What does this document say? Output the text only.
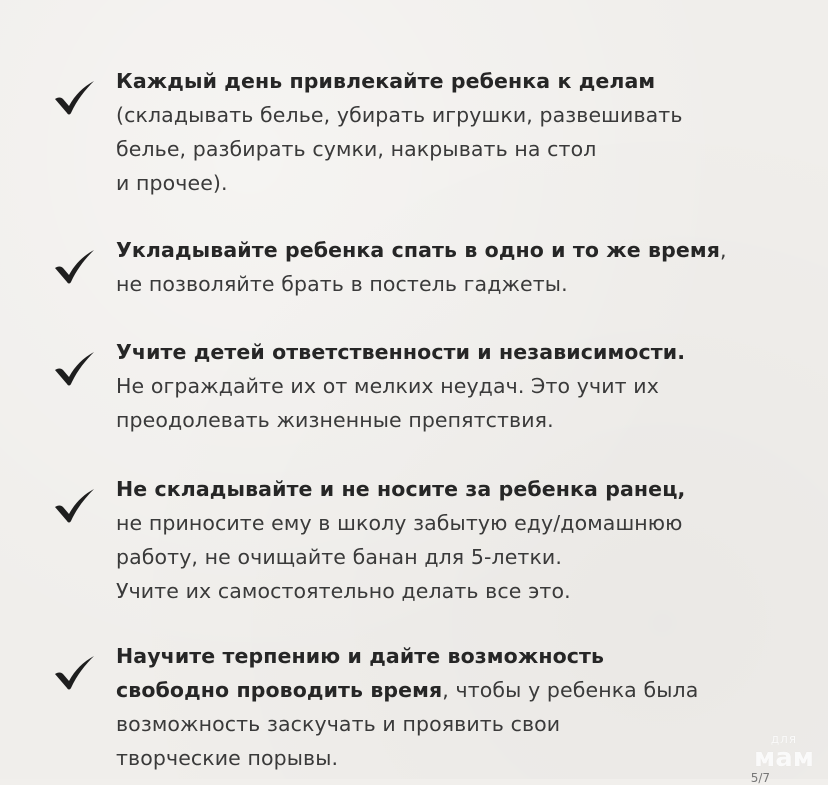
Каждый день привлекайте ребенка к делам
(складывать белье, убирать игрушки, развешивать
белье, разбирать сумки, накрывать на стол
и прочее).
Укладывайте ребенка спать в одно и то же время,
не позволяйте брать в постель гаджеты.
Учите детей ответственности и независимости.
Не ограждайте их от мелких неудач. Это учит их
преодолевать жизненные препятствия.
Не складывайте и не носите за ребенка ранец,
не приносите ему в школу забытую еду/домашнюю
работу, не очищайте банан для 5-летки.
Учите их самостоятельно делать все это.
Научите терпению и дайте возможность
свободно проводить время, чтобы у ребенка была
возможность заскучать и проявить свои
творческие порывы.
для
мам
5/7
